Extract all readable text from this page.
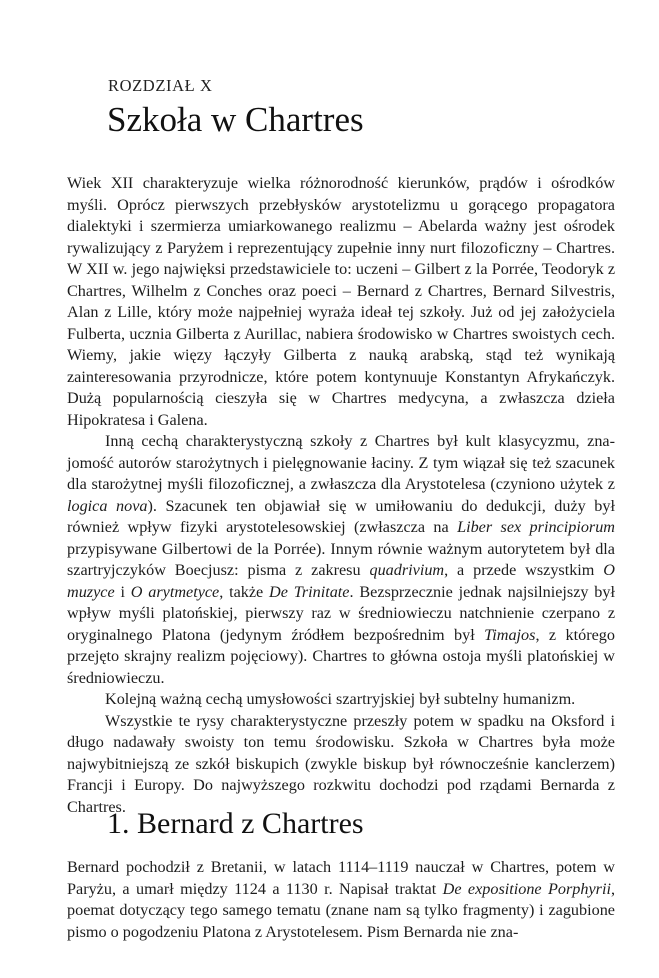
ROZDZIAŁ X
Szkoła w Chartres

Wiek XII charakteryzuje wielka różnorodność kierunków, prądów i ośrodków myśli. Oprócz pierwszych przebłysków arystotelizmu u gorącego propagatora dialektyki i szermierza umiarkowanego realizmu – Abelarda ważny jest ośrodek rywalizujący z Paryżem i reprezentujący zupełnie inny nurt filozoficzny – Chartres. W XII w. jego najwięksi przedstawiciele to: uczeni – Gilbert z la Porrée, Teodoryk z Chartres, Wilhelm z Conches oraz poeci – Bernard z Chartres, Bernard Silvestris, Alan z Lille, który może najpełniej wyraża ideał tej szkoły. Już od jej założyciela Fulberta, ucznia Gilberta z Aurillac, nabiera środowisko w Chartres swoistych cech. Wiemy, jakie więzy łączyły Gilberta z nauką arabską, stąd też wynikają zainteresowania przyrodnicze, które potem kontynuuje Konstantyn Afrykańczyk. Dużą popularnością cieszyła się w Chartres medycyna, a zwłaszcza dzieła Hipokratesa i Galena.

Inną cechą charakterystyczną szkoły z Chartres był kult klasycyzmu, znajomość autorów starożytnych i pielęgnowanie łaciny. Z tym wiązał się też szacunek dla starożytnej myśli filozoficznej, a zwłaszcza dla Arystotelesa (czyniono użytek z logica nova). Szacunek ten objawiał się w umiłowaniu do dedukcji, duży był również wpływ fizyki arystotelesowskiej (zwłaszcza na Liber sex principiorum przypisywane Gilbertowi de la Porrée). Innym równie ważnym autorytetem był dla szartryjczyków Boecjusz: pisma z zakresu quadrivium, a przede wszystkim O muzyce i O arytmetyce, także De Trinitate. Bezsprzecznie jednak najsilniejszy był wpływ myśli platońskiej, pierwszy raz w średniowieczu natchnienie czerpano z oryginalnego Platona (jedynym źródłem bezpośrednim był Timajos, z którego przejęto skrajny realizm pojęciowy). Chartres to główna ostoja myśli platońskiej w średniowieczu.

Kolejną ważną cechą umysłowości szartryjskiej był subtelny humanizm.

Wszystkie te rysy charakterystyczne przeszły potem w spadku na Oksford i długo nadawały swoisty ton temu środowisku. Szkoła w Chartres była może najwybitniejszą ze szkół biskupich (zwykle biskup był równocześnie kanclerzem) Francji i Europy. Do najwyższego rozkwitu dochodzi pod rządami Bernarda z Chartres.

1. Bernard z Chartres

Bernard pochodził z Bretanii, w latach 1114–1119 nauczał w Chartres, potem w Paryżu, a umarł między 1124 a 1130 r. Napisał traktat De expositione Porphyrii, poemat dotyczący tego samego tematu (znane nam są tylko fragmenty) i zagubione pismo o pogodzeniu Platona z Arystotelesem. Pism Bernarda nie zna-
